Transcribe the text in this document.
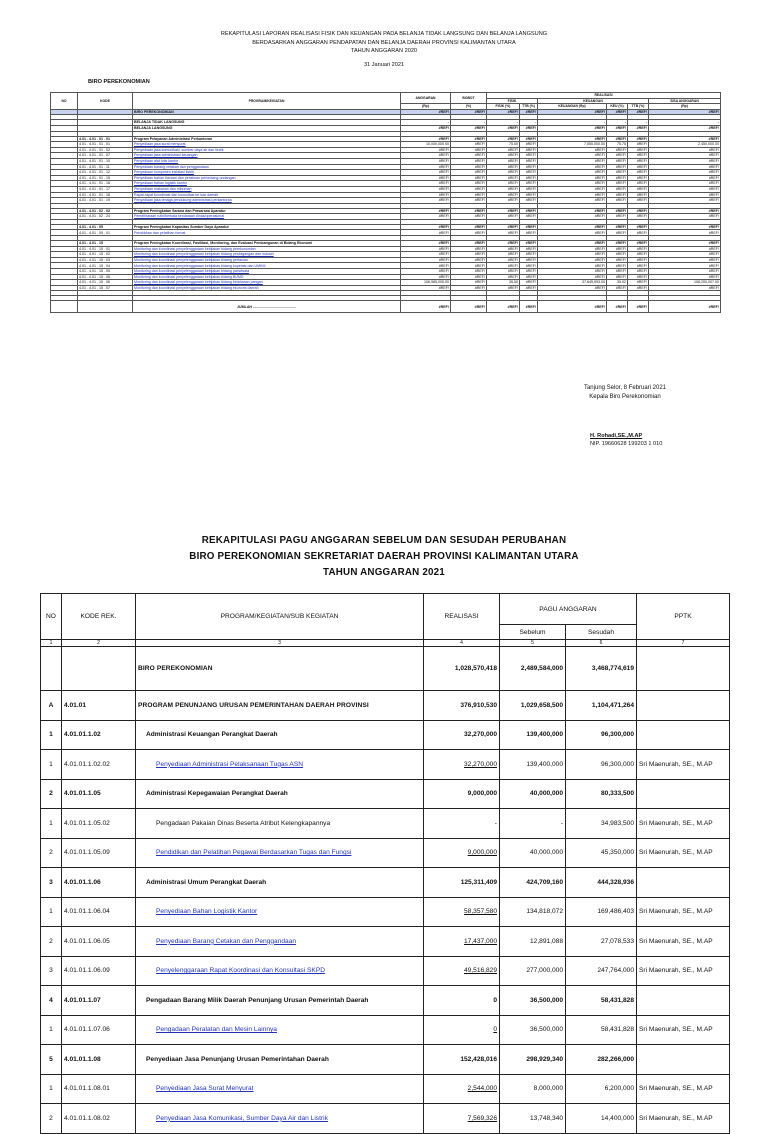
REKAPITULASI LAPORAN REALISASI FISIK DAN KEUANGAN PADA BELANJA TIDAK LANGSUNG DAN BELANJA LANGSUNG
BERDASARKAN ANGGARAN PENDAPATAN DAN BELANJA DAERAH PROVINSI KALIMANTAN UTARA
TAHUN ANGGARAN 2020
31 Januari 2021
BIRO PEREKONOMIAN
NO	KODE	PROGRAM/KEGIATAN	ANGGARAN	BOBOT	REALISASI				
					FISIK		KEUANGAN			SISA ANGGARAN
			(Rp)	(%)	FISIK (%)	TTB (%)	KEUANGAN (Rp)	KEU (%)	TTB (%)	(Rp)

		BIRO PEREKONOMIAN	#REF!	#REF!	#REF!	#REF!	#REF!	#REF!	#REF!	#REF!

		BELANJA TIDAK LANGSUNG	-	-	-	-	-	-	-	-
		BELANJA LANGSUNG	#REF!	#REF!	#REF!	#REF!	#REF!	#REF!	#REF!	#REF!

	4.01 . 4.01 . 01 . 01	Program Pelayanan Administrasi Perkantoran	#REF!	#REF!	#REF!	#REF!	#REF!	#REF!	#REF!	#REF!
	4.01 . 4.01 . 01 . 01	Penyediaan jasa surat menyurat	10,000,000.00	#REF!	75.00	#REF!	7,550,000.00	75.75	#REF!	2,450,000.00
	4.01 . 4.01 . 01 . 02	Penyediaan jasa komunikasi, sumber daya air dan listrik	#REF!	#REF!	#REF!	#REF!	#REF!	#REF!	#REF!	#REF!
	4.01 . 4.01 . 01 . 07	Penyediaan jasa administrasi keuangan	#REF!	#REF!	#REF!	#REF!	#REF!	#REF!	#REF!	#REF!
	4.01 . 4.01 . 01 . 10	Penyediaan alat tulis kantor	#REF!	#REF!	#REF!	#REF!	#REF!	#REF!	#REF!	#REF!
	4.01 . 4.01 . 01 . 11	Penyediaan barang cetakan dan penggandaan	#REF!	#REF!	#REF!	#REF!	#REF!	#REF!	#REF!	#REF!
	4.01 . 4.01 . 01 . 12	Penyediaan komponen instalasi listrik	#REF!	#REF!	#REF!	#REF!	#REF!	#REF!	#REF!	#REF!
	4.01 . 4.01 . 01 . 15	Penyediaan bahan bacaan dan peraturan perundang-undangan	#REF!	#REF!	#REF!	#REF!	#REF!	#REF!	#REF!	#REF!
	4.01 . 4.01 . 01 . 16	Penyediaan bahan logistik kantor	#REF!	#REF!	#REF!	#REF!	#REF!	#REF!	#REF!	#REF!
	4.01 . 4.01 . 01 . 17	Penyediaan makanan dan minuman	#REF!	#REF!	#REF!	#REF!	#REF!	#REF!	#REF!	#REF!
	4.01 . 4.01 . 01 . 18	Rapat-rapat koordinasi dan konsultasi ke luar daerah	#REF!	#REF!	#REF!	#REF!	#REF!	#REF!	#REF!	#REF!
	4.01 . 4.01 . 01 . 19	Penyediaan jasa tenaga pendukung administrasi perkantoran	#REF!	#REF!	#REF!	#REF!	#REF!	#REF!	#REF!	#REF!

	4.01 . 4.01 . 02 . 02	Program Peningkatan Sarana dan Prasarana Aparatur	#REF!	#REF!	#REF!	#REF!	#REF!	#REF!	#REF!	#REF!
	4.01 . 4.01 . 02 . 24	Pemeliharaan rutin/berkala kendaraan dinas/operasional	#REF!	#REF!	#REF!	#REF!	#REF!	#REF!	#REF!	#REF!

	4.01 . 4.01 . 05	Program Peningkatan Kapasitas Sumber Daya Aparatur	#REF!	#REF!	#REF!	#REF!	#REF!	#REF!	#REF!	#REF!
	4.01 . 4.01 . 05 . 01	Pendidikan dan pelatihan formal	#REF!	#REF!	#REF!	#REF!	#REF!	#REF!	#REF!	#REF!

	4.01 . 4.01 . 15	Program Peningkatan Koordinasi, Fasilitasi, Monitoring, dan Evaluasi Pembangunan di Bidang Ekonomi	#REF!	#REF!	#REF!	#REF!	#REF!	#REF!	#REF!	#REF!
	4.01 . 4.01 . 15 . 01	Monitoring dan koordinasi penyelenggaraan kebijakan bidang perekonomian	#REF!	#REF!	#REF!	#REF!	#REF!	#REF!	#REF!	#REF!
	4.01 . 4.01 . 15 . 02	Monitoring dan koordinasi penyelenggaraan kebijakan bidang perdagangan dan industri	#REF!	#REF!	#REF!	#REF!	#REF!	#REF!	#REF!	#REF!
	4.01 . 4.01 . 15 . 03	Monitoring dan koordinasi penyelenggaraan kebijakan bidang pertanian	#REF!	#REF!	#REF!	#REF!	#REF!	#REF!	#REF!	#REF!
	4.01 . 4.01 . 15 . 04	Monitoring dan koordinasi penyelenggaraan kebijakan bidang koperasi dan UMKM	#REF!	#REF!	#REF!	#REF!	#REF!	#REF!	#REF!	#REF!
	4.01 . 4.01 . 15 . 05	Monitoring dan koordinasi penyelenggaraan kebijakan bidang pariwisata	#REF!	#REF!	#REF!	#REF!	#REF!	#REF!	#REF!	#REF!
	4.01 . 4.01 . 15 . 06	Monitoring dan koordinasi penyelenggaraan kebijakan bidang BUMD	#REF!	#REF!	#REF!	#REF!	#REF!	#REF!	#REF!	#REF!
	4.01 . 4.01 . 15 . 06	Monitoring dan koordinasi penyelenggaraan kebijakan bidang ketahanan pangan	106,985,000.00	#REF!	35.50	#REF!	37,645,993.00	35.02	#REF!	108,200,007.00
	4.01 . 4.01 . 15 . 07	Monitoring dan koordinasi penyelenggaraan kebijakan bidang ekonomi daerah	#REF!	#REF!	#REF!	#REF!	#REF!	#REF!	#REF!	#REF!

		JUMLAH ...........................................	#REF!	#REF!	#REF!	#REF!	#REF!	#REF!	#REF!	#REF!
Tanjung Selor, 8 Februari 2021
Kepala Biro Perekonomian
H. Rohadi,SE.,M.AP
NIP. 19660628 199203 1 010
REKAPITULASI PAGU ANGGARAN SEBELUM DAN SESUDAH PERUBAHAN
BIRO PEREKONOMIAN SEKRETARIAT DAERAH PROVINSI KALIMANTAN UTARA
TAHUN ANGGARAN 2021
NO	KODE REK.	PROGRAM/KEGIATAN/SUB KEGIATAN	REALISASI	PAGU ANGGARAN		PPTK
				Sebelum	Sesudah	
1	2	3	4	5	6	7
		BIRO PEREKONOMIAN	1,028,570,418	2,489,584,000	3,468,774,619	
A	4.01.01	PROGRAM PENUNJANG URUSAN PEMERINTAHAN DAERAH PROVINSI	376,910,530	1,029,658,500	1,104,471,264	
1	4.01.01.1.02	Administrasi Keuangan Perangkat Daerah	32,270,000	139,400,000	96,300,000	
1	4.01.01.1.02.02	Penyediaan Administrasi Pelaksanaan Tugas ASN	32,270,000	139,400,000	96,300,000	Sri Maenurah, SE., M.AP
2	4.01.01.1.05	Administrasi Kepegawaian Perangkat Daerah	9,000,000	40,000,000	80,333,500	
1	4.01.01.1.05.02	Pengadaan Pakaian Dinas Beserta Atribut Kelengkapannya	-	-	34,983,500	Sri Maenurah, SE., M.AP
2	4.01.01.1.05.09	Pendidikan dan Pelatihan Pegawai Berdasarkan Tugas dan Fungsi	9,000,000	40,000,000	45,350,000	Sri Maenurah, SE., M.AP
3	4.01.01.1.06	Administrasi Umum Perangkat Daerah	125,311,409	424,709,160	444,328,936	
1	4.01.01.1.06.04	Penyediaan Bahan Logistik Kantor	58,357,580	134,818,072	169,486,403	Sri Maenurah, SE., M.AP
2	4.01.01.1.06.05	Penyediaan Barang Cetakan dan Penggandaan	17,437,000	12,891,088	27,078,533	Sri Maenurah, SE., M.AP
3	4.01.01.1.06.09	Penyelenggaraan Rapat Koordinasi dan Konsultasi SKPD	49,516,829	277,000,000	247,764,000	Sri Maenurah, SE., M.AP
4	4.01.01.1.07	Pengadaan Barang Milik Daerah Penunjang Urusan Pemerintah Daerah	0	36,500,000	58,431,828	
1	4.01.01.1.07.06	Pengadaan Peralatan dan Mesin Lainnya	0	36,500,000	58,431,828	Sri Maenurah, SE., M.AP
5	4.01.01.1.08	Penyediaan Jasa Penunjang Urusan Pemerintahan Daerah	152,428,016	298,929,340	282,266,000	
1	4.01.01.1.08.01	Penyediaan Jasa Surat Menyurat	2,544,000	8,000,000	6,200,000	Sri Maenurah, SE., M.AP
2	4.01.01.1.08.02	Penyediaan Jasa Komunikasi, Sumber Daya Air dan Listrik	7,569,326	13,748,340	14,400,000	Sri Maenurah, SE., M.AP
